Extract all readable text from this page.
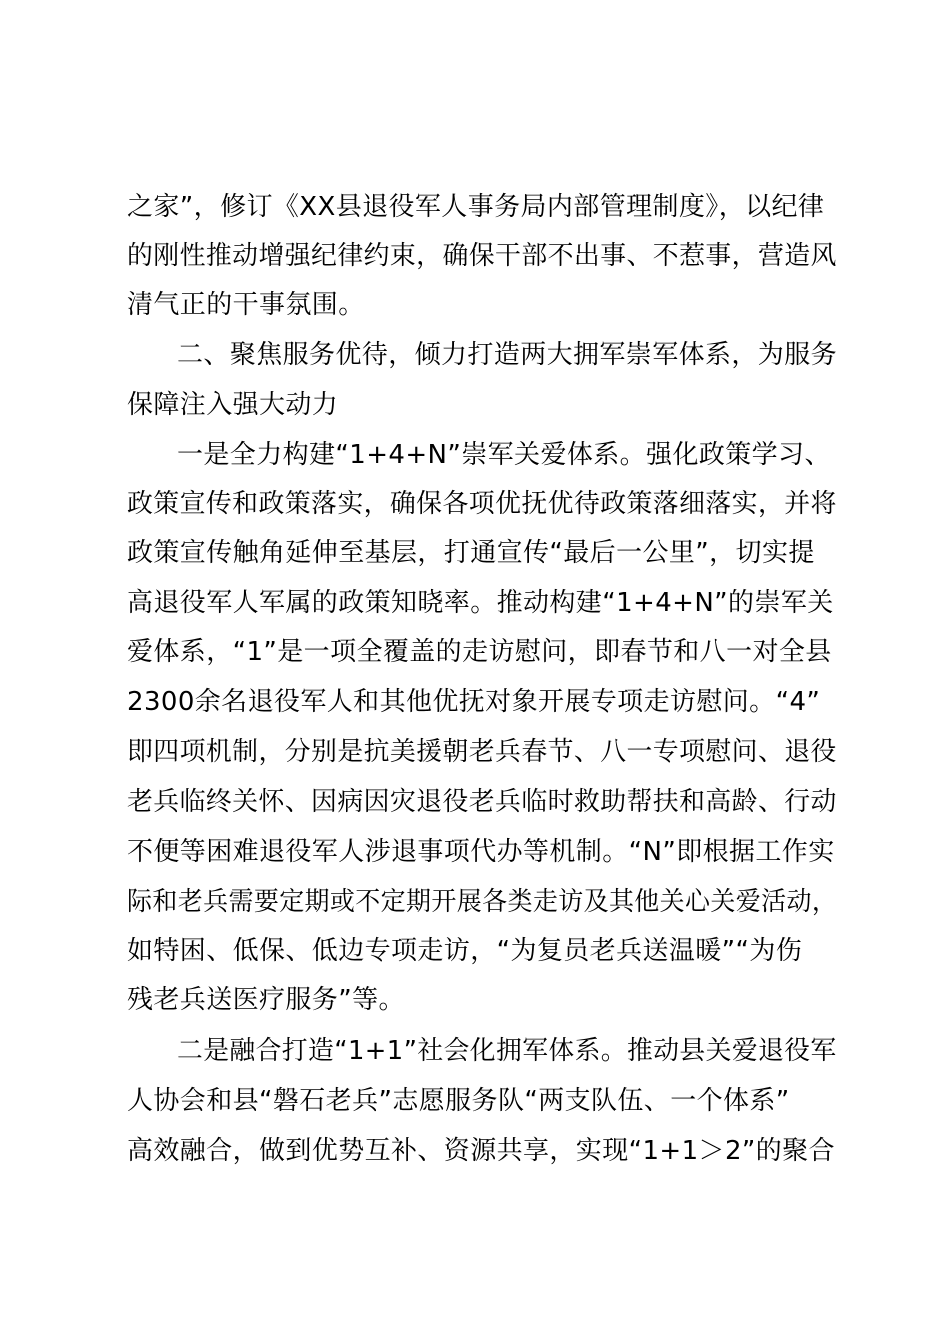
之家”，修订《XX县退役军人事务局内部管理制度》，以纪律
的刚性推动增强纪律约束，确保干部不出事、不惹事，营造风
清气正的干事氛围。
二、聚焦服务优待，倾力打造两大拥军崇军体系，为服务
保障注入强大动力
一是全力构建“1+4+N”崇军关爱体系。强化政策学习、
政策宣传和政策落实，确保各项优抚优待政策落细落实，并将
政策宣传触角延伸至基层，打通宣传“最后一公里”，切实提
高退役军人军属的政策知晓率。推动构建“1+4+N”的崇军关
爱体系，“1”是一项全覆盖的走访慰问，即春节和八一对全县
2300余名退役军人和其他优抚对象开展专项走访慰问。“4”
即四项机制，分别是抗美援朝老兵春节、八一专项慰问、退役
老兵临终关怀、因病因灾退役老兵临时救助帮扶和高龄、行动
不便等困难退役军人涉退事项代办等机制。“N”即根据工作实
际和老兵需要定期或不定期开展各类走访及其他关心关爱活动，
如特困、低保、低边专项走访，“为复员老兵送温暖”“为伤
残老兵送医疗服务”等。
二是融合打造“1+1”社会化拥军体系。推动县关爱退役军
人协会和县“磐石老兵”志愿服务队“两支队伍、一个体系”
高效融合，做到优势互补、资源共享，实现“1+1＞2”的聚合
